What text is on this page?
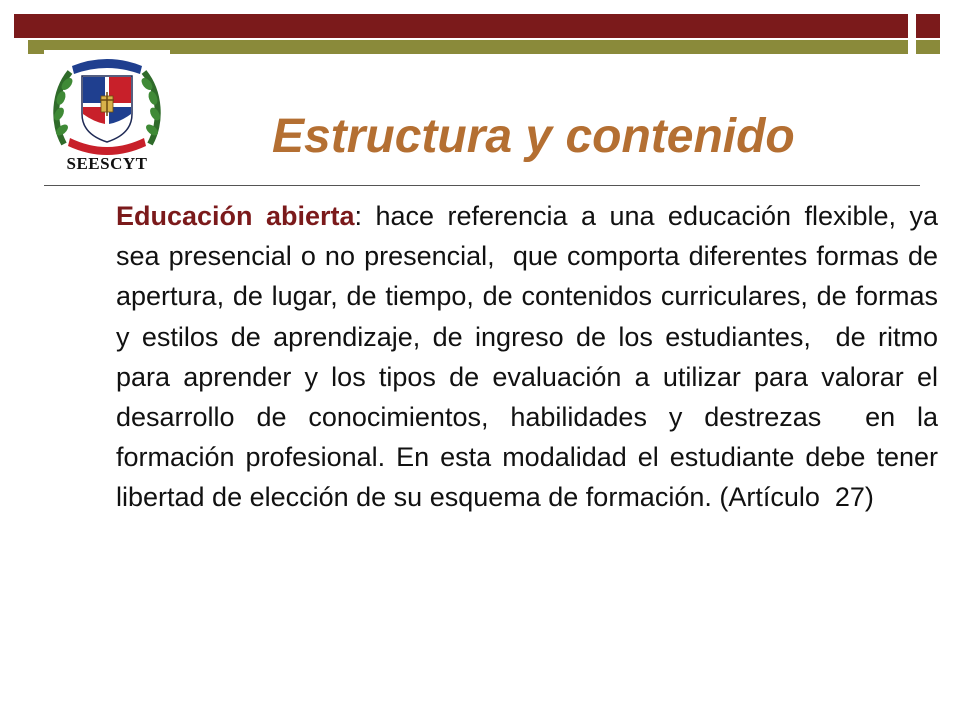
SEESCYT
Estructura y contenido

Educación abierta: hace referencia a una educación flexible, ya sea presencial o no presencial,  que comporta diferentes formas de apertura, de lugar, de tiempo, de contenidos curriculares, de formas y estilos de aprendizaje, de ingreso de los estudiantes,  de ritmo para aprender y los tipos de evaluación a utilizar para valorar el desarrollo de conocimientos, habilidades y destrezas  en la formación profesional. En esta modalidad el estudiante debe tener libertad de elección de su esquema de formación. (Artículo  27)
